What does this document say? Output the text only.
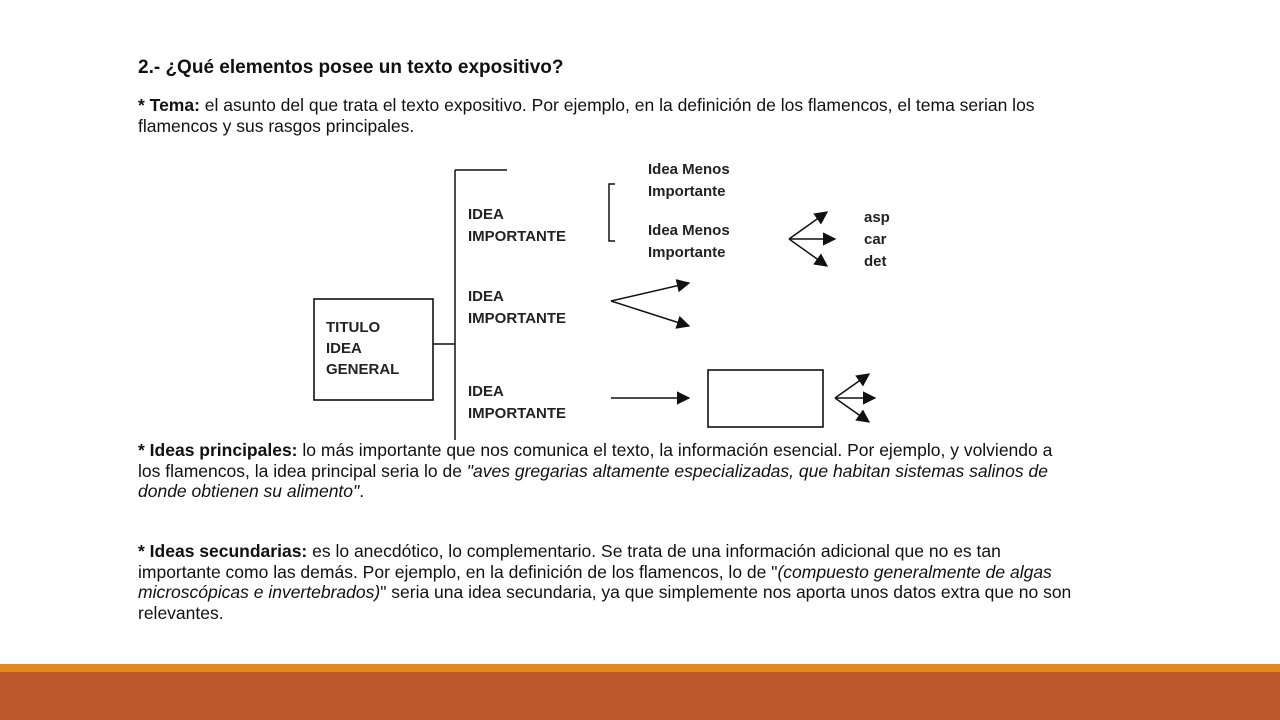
2.- ¿Qué elementos posee un texto expositivo?

* Tema: el asunto del que trata el texto expositivo. Por ejemplo, en la definición de los flamencos, el tema serian los flamencos y sus rasgos principales.

TITULO
IDEA
GENERAL
IDEA
IMPORTANTE
Idea Menos
Importante
Idea Menos
Importante
asp
car
det
IDEA
IMPORTANTE
IDEA
IMPORTANTE

* Ideas principales: lo más importante que nos comunica el texto, la información esencial. Por ejemplo, y volviendo a los flamencos, la idea principal seria lo de "aves gregarias altamente especializadas, que habitan sistemas salinos de donde obtienen su alimento".

* Ideas secundarias: es lo anecdótico, lo complementario. Se trata de una información adicional que no es tan importante como las demás. Por ejemplo, en la definición de los flamencos, lo de "(compuesto generalmente de algas microscópicas e invertebrados)" seria una idea secundaria, ya que simplemente nos aporta unos datos extra que no son relevantes.
